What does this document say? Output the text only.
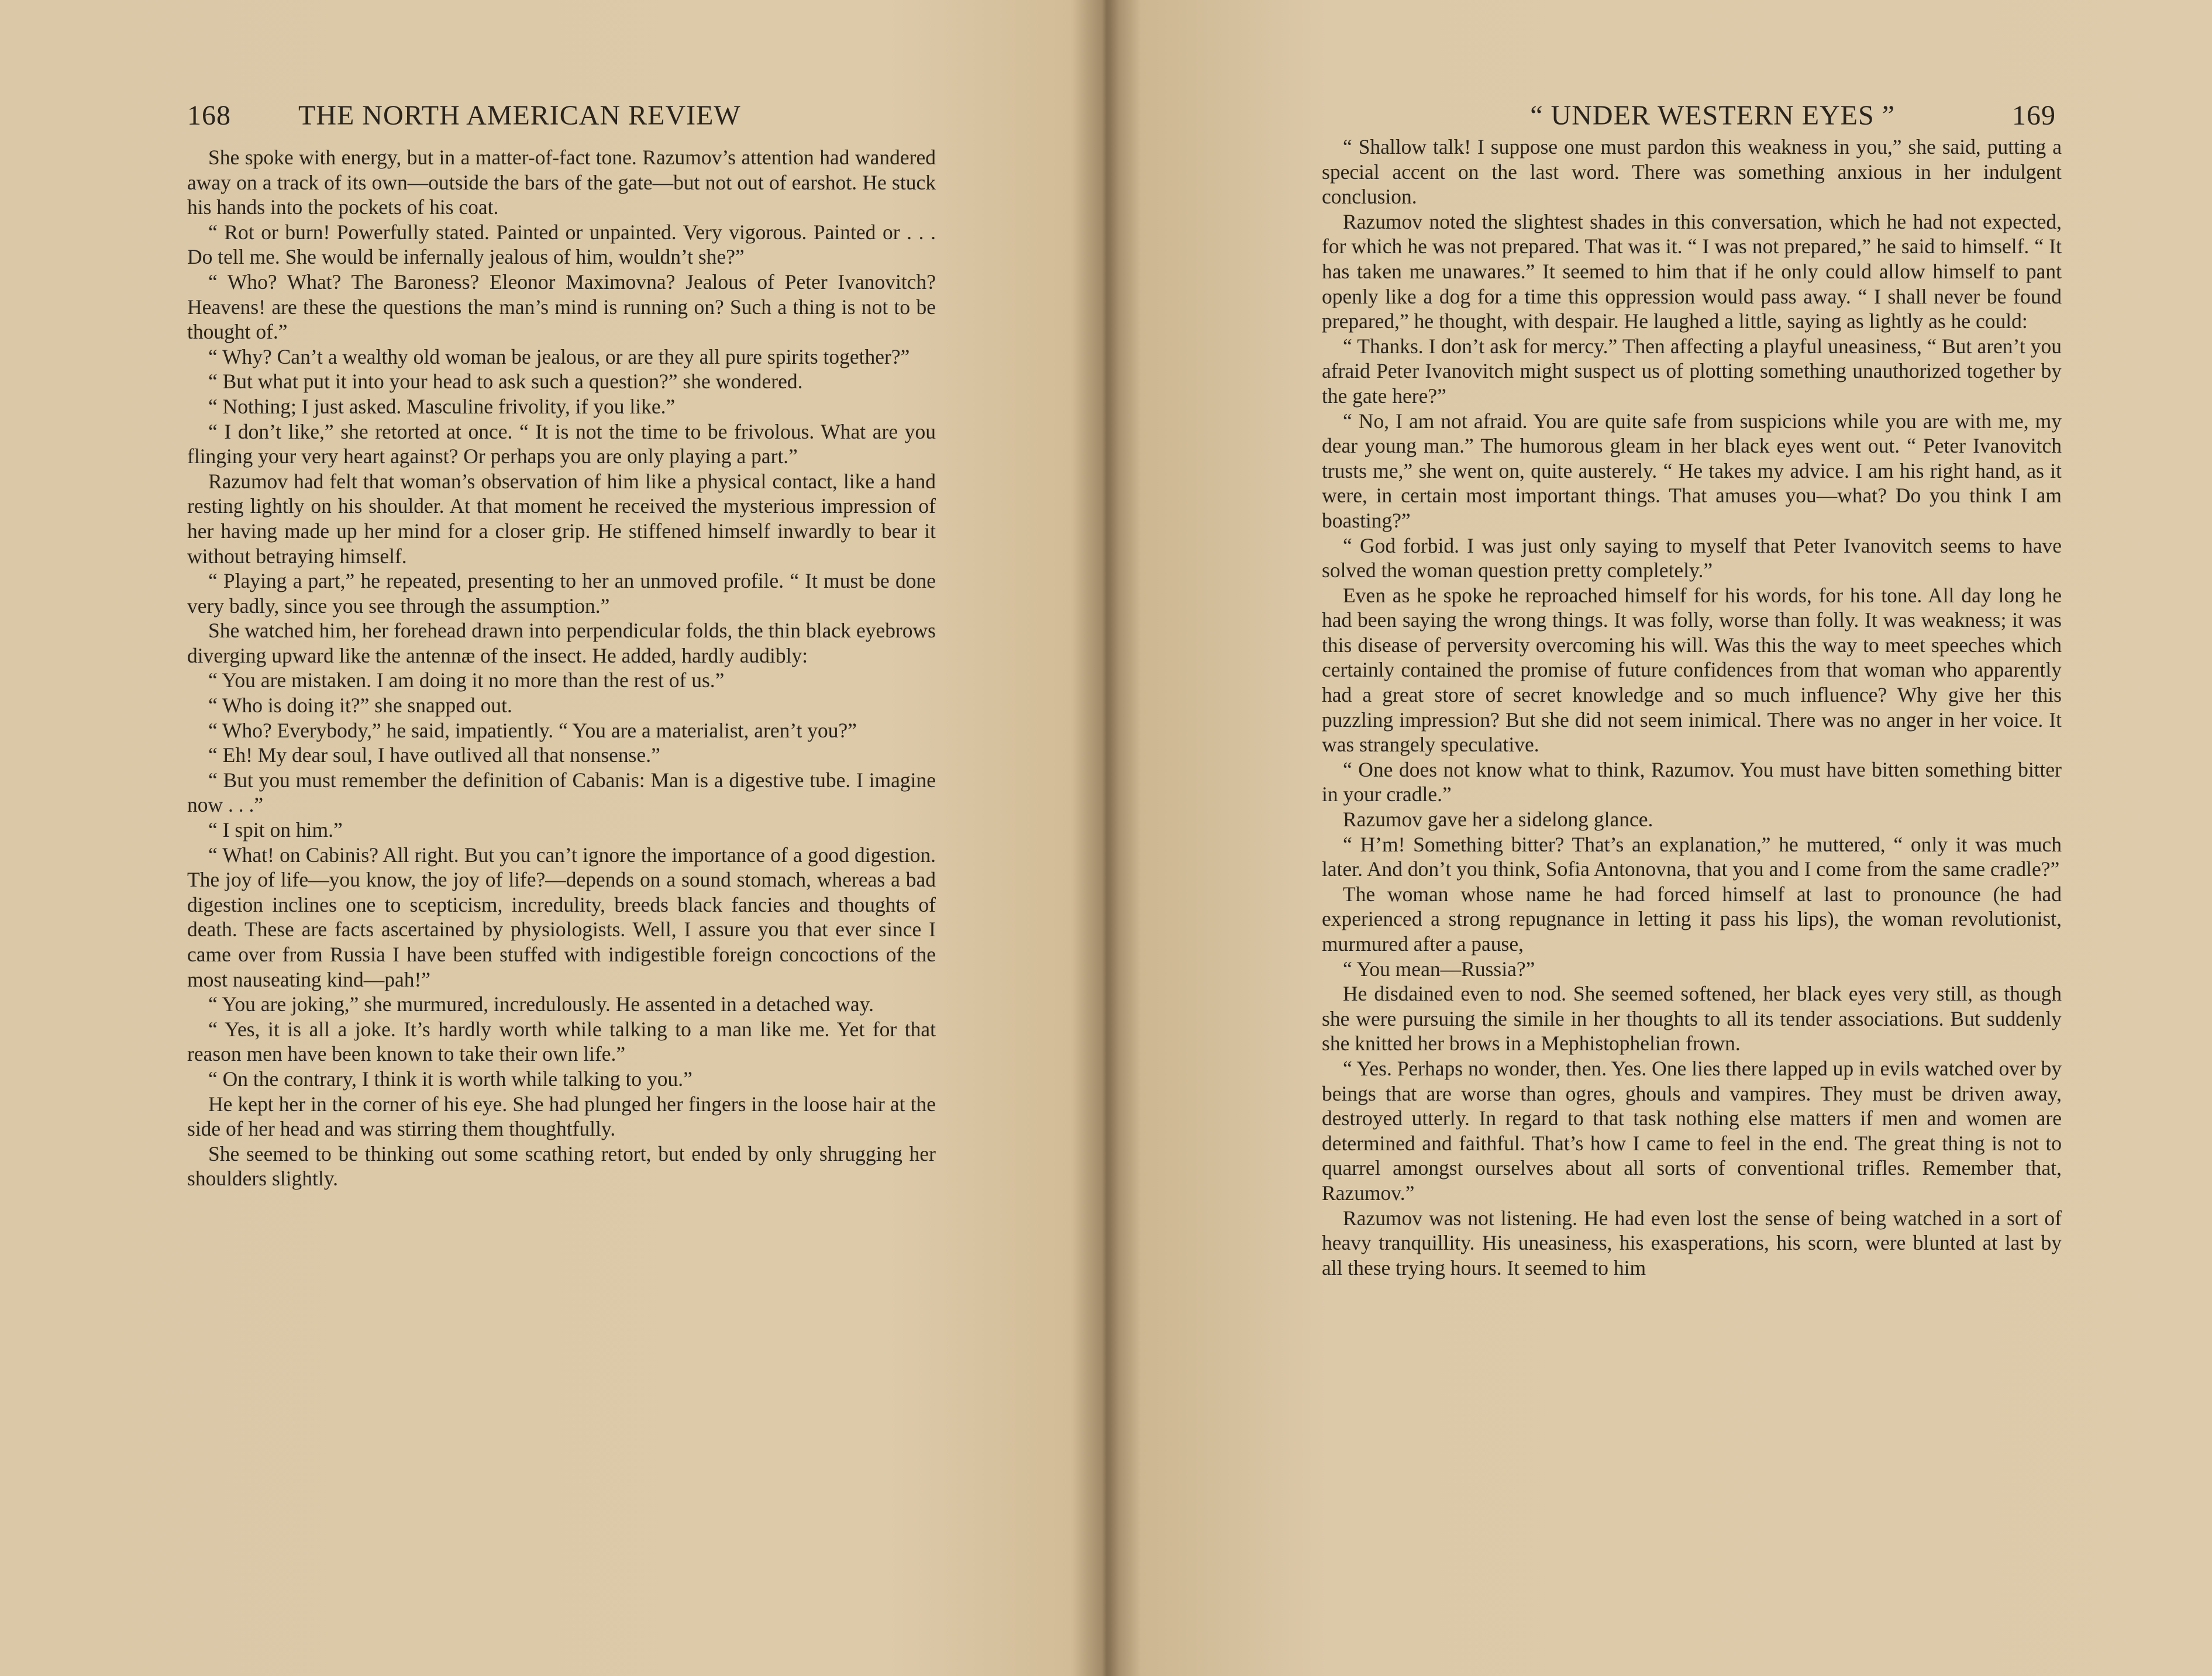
168 THE NORTH AMERICAN REVIEW

She spoke with energy, but in a matter-of-fact tone. Razumov’s attention had wandered away on a track of its own—outside the bars of the gate—but not out of earshot. He stuck his hands into the pockets of his coat.

“ Rot or burn! Powerfully stated. Painted or unpainted. Very vigorous. Painted or . . . Do tell me. She would be infernally jealous of him, wouldn’t she?”

“ Who? What? The Baroness? Eleonor Maximovna? Jealous of Peter Ivanovitch? Heavens! are these the questions the man’s mind is running on? Such a thing is not to be thought of.”

“ Why? Can’t a wealthy old woman be jealous, or are they all pure spirits together?”

“ But what put it into your head to ask such a question?” she wondered.

“ Nothing; I just asked. Masculine frivolity, if you like.”

“ I don’t like,” she retorted at once. “ It is not the time to be frivolous. What are you flinging your very heart against? Or perhaps you are only playing a part.”

Razumov had felt that woman’s observation of him like a physical contact, like a hand resting lightly on his shoulder. At that moment he received the mysterious impression of her having made up her mind for a closer grip. He stiffened himself inwardly to bear it without betraying himself.

“ Playing a part,” he repeated, presenting to her an unmoved profile. “ It must be done very badly, since you see through the assumption.”

She watched him, her forehead drawn into perpendicular folds, the thin black eyebrows diverging upward like the antennæ of the insect. He added, hardly audibly:

“ You are mistaken. I am doing it no more than the rest of us.”

“ Who is doing it?” she snapped out.

“ Who? Everybody,” he said, impatiently. “ You are a materialist, aren’t you?”

“ Eh! My dear soul, I have outlived all that nonsense.”

“ But you must remember the definition of Cabanis: Man is a digestive tube. I imagine now . . .”

“ I spit on him.”

“ What! on Cabinis? All right. But you can’t ignore the importance of a good digestion. The joy of life—you know, the joy of life?—depends on a sound stomach, whereas a bad digestion inclines one to scepticism, incredulity, breeds black fancies and thoughts of death. These are facts ascertained by physiologists. Well, I assure you that ever since I came over from Russia I have been stuffed with indigestible foreign concoctions of the most nauseating kind—pah!”

“ You are joking,” she murmured, incredulously. He assented in a detached way.

“ Yes, it is all a joke. It’s hardly worth while talking to a man like me. Yet for that reason men have been known to take their own life.”

“ On the contrary, I think it is worth while talking to you.”

He kept her in the corner of his eye. She had plunged her fingers in the loose hair at the side of her head and was stirring them thoughtfully.

She seemed to be thinking out some scathing retort, but ended by only shrugging her shoulders slightly.

“ UNDER WESTERN EYES ”	169

“ Shallow talk! I suppose one must pardon this weakness in you,” she said, putting a special accent on the last word. There was something anxious in her indulgent conclusion.

Razumov noted the slightest shades in this conversation, which he had not expected, for which he was not prepared. That was it. “ I was not prepared,” he said to himself. “ It has taken me unawares.” It seemed to him that if he only could allow himself to pant openly like a dog for a time this oppression would pass away. “ I shall never be found prepared,” he thought, with despair. He laughed a little, saying as lightly as he could:

“ Thanks. I don’t ask for mercy.” Then affecting a playful uneasiness, “ But aren’t you afraid Peter Ivanovitch might suspect us of plotting something unauthorized together by the gate here?”

“ No, I am not afraid. You are quite safe from suspicions while you are with me, my dear young man.” The humorous gleam in her black eyes went out. “ Peter Ivanovitch trusts me,” she went on, quite austerely. “ He takes my advice. I am his right hand, as it were, in certain most important things. That amuses you—what? Do you think I am boasting?”

“ God forbid. I was just only saying to myself that Peter Ivanovitch seems to have solved the woman question pretty completely.”

Even as he spoke he reproached himself for his words, for his tone. All day long he had been saying the wrong things. It was folly, worse than folly. It was weakness; it was this disease of perversity overcoming his will. Was this the way to meet speeches which certainly contained the promise of future confidences from that woman who apparently had a great store of secret knowledge and so much influence? Why give her this puzzling impression? But she did not seem inimical. There was no anger in her voice. It was strangely speculative.

“ One does not know what to think, Razumov. You must have bitten something bitter in your cradle.”

Razumov gave her a sidelong glance.

“ H’m! Something bitter? That’s an explanation,” he muttered, “ only it was much later. And don’t you think, Sofia Antonovna, that you and I come from the same cradle?”

The woman whose name he had forced himself at last to pronounce (he had experienced a strong repugnance in letting it pass his lips), the woman revolutionist, murmured after a pause,

“ You mean—Russia?”

He disdained even to nod. She seemed softened, her black eyes very still, as though she were pursuing the simile in her thoughts to all its tender associations. But suddenly she knitted her brows in a Mephistophelian frown.

“ Yes. Perhaps no wonder, then. Yes. One lies there lapped up in evils watched over by beings that are worse than ogres, ghouls and vampires. They must be driven away, destroyed utterly. In regard to that task nothing else matters if men and women are determined and faithful. That’s how I came to feel in the end. The great thing is not to quarrel amongst ourselves about all sorts of conventional trifles. Remember that, Razumov.”

Razumov was not listening. He had even lost the sense of being watched in a sort of heavy tranquillity. His uneasiness, his exasperations, his scorn, were blunted at last by all these trying hours. It seemed to him
